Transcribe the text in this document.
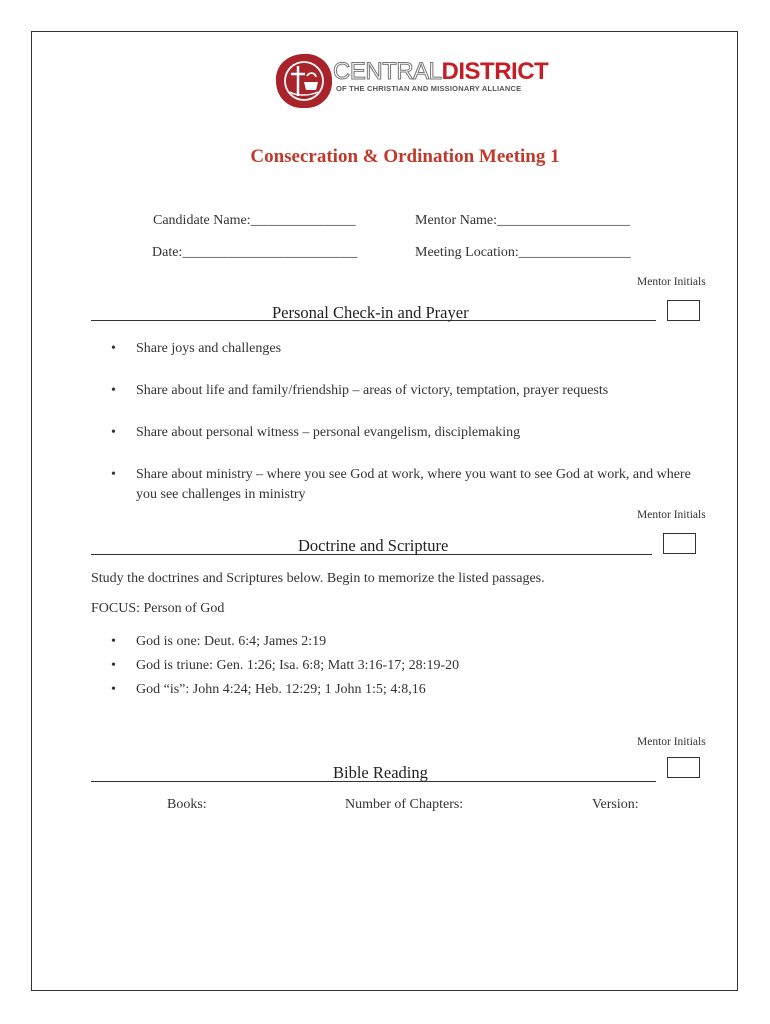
CENTRALDISTRICT
OF THE CHRISTIAN AND MISSIONARY ALLIANCE
Consecration & Ordination Meeting 1
Candidate Name:_______________	Mentor Name:___________________
Date:_________________________	Meeting Location:________________
Mentor Initials
Personal Check-in and Prayer
• Share joys and challenges
• Share about life and family/friendship – areas of victory, temptation, prayer requests
• Share about personal witness – personal evangelism, disciplemaking
• Share about ministry – where you see God at work, where you want to see God at work, and where you see challenges in ministry
Mentor Initials
Doctrine and Scripture
Study the doctrines and Scriptures below. Begin to memorize the listed passages.
FOCUS: Person of God
• God is one: Deut. 6:4; James 2:19
• God is triune: Gen. 1:26; Isa. 6:8; Matt 3:16-17; 28:19-20
• God “is”: John 4:24; Heb. 12:29; 1 John 1:5; 4:8,16
Mentor Initials
Bible Reading
Books:	Number of Chapters:	Version:
